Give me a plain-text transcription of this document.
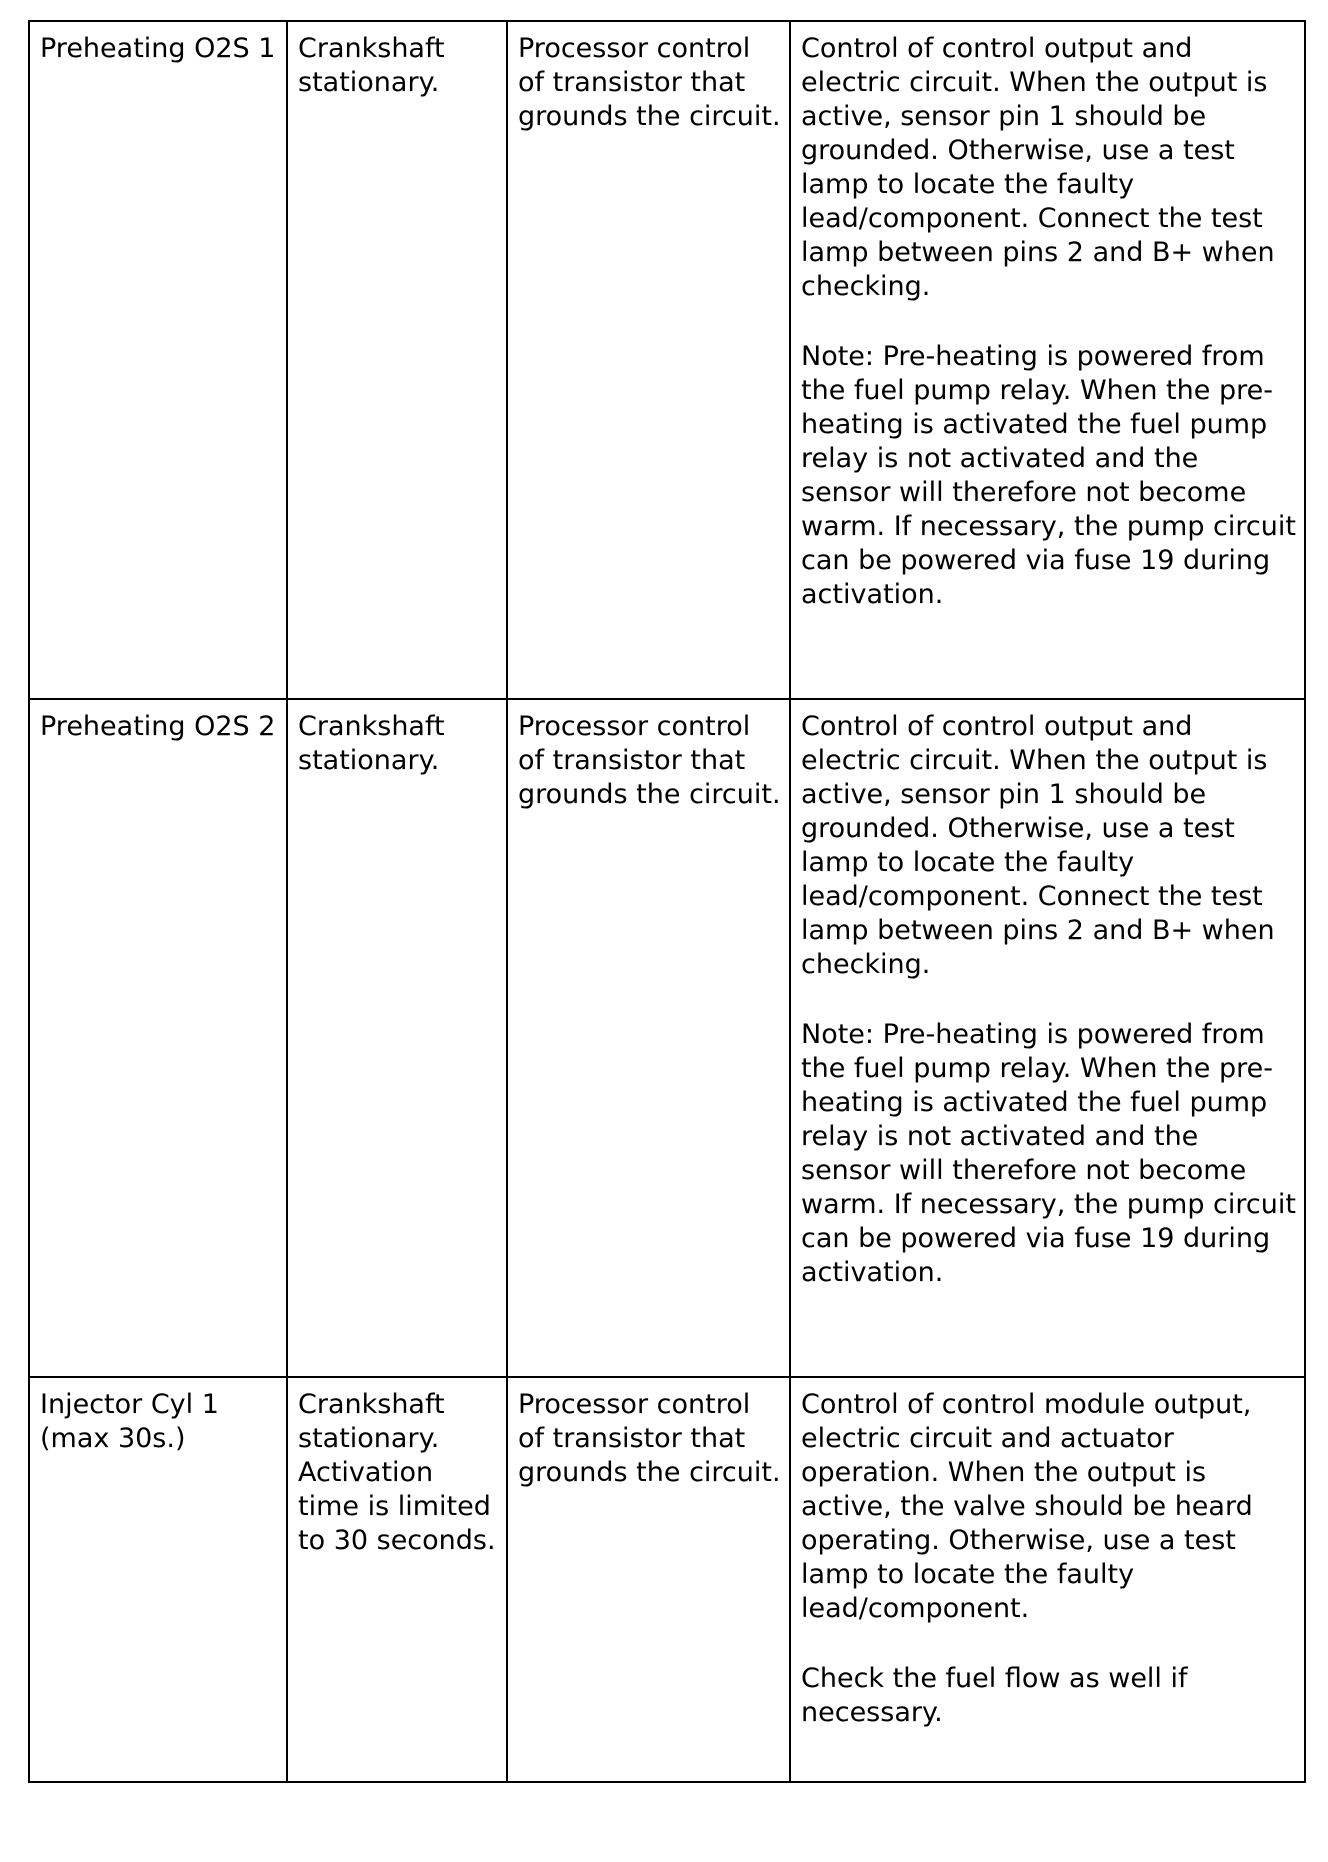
Preheating O2S 1	Crankshaft stationary.	Processor control of transistor that grounds the circuit.	Control of control output and electric circuit. When the output is active, sensor pin 1 should be grounded. Otherwise, use a test lamp to locate the faulty lead/component. Connect the test lamp between pins 2 and B+ when checking.
Note: Pre-heating is powered from the fuel pump relay. When the pre-heating is activated the fuel pump relay is not activated and the sensor will therefore not become warm. If necessary, the pump circuit can be powered via fuse 19 during activation.

Preheating O2S 2	Crankshaft stationary.	Processor control of transistor that grounds the circuit.	Control of control output and electric circuit. When the output is active, sensor pin 1 should be grounded. Otherwise, use a test lamp to locate the faulty lead/component. Connect the test lamp between pins 2 and B+ when checking.
Note: Pre-heating is powered from the fuel pump relay. When the pre-heating is activated the fuel pump relay is not activated and the sensor will therefore not become warm. If necessary, the pump circuit can be powered via fuse 19 during activation.

Injector Cyl 1 (max 30s.)	Crankshaft stationary. Activation time is limited to 30 seconds.	Processor control of transistor that grounds the circuit.	Control of control module output, electric circuit and actuator operation. When the output is active, the valve should be heard operating. Otherwise, use a test lamp to locate the faulty lead/component.
Check the fuel flow as well if necessary.
